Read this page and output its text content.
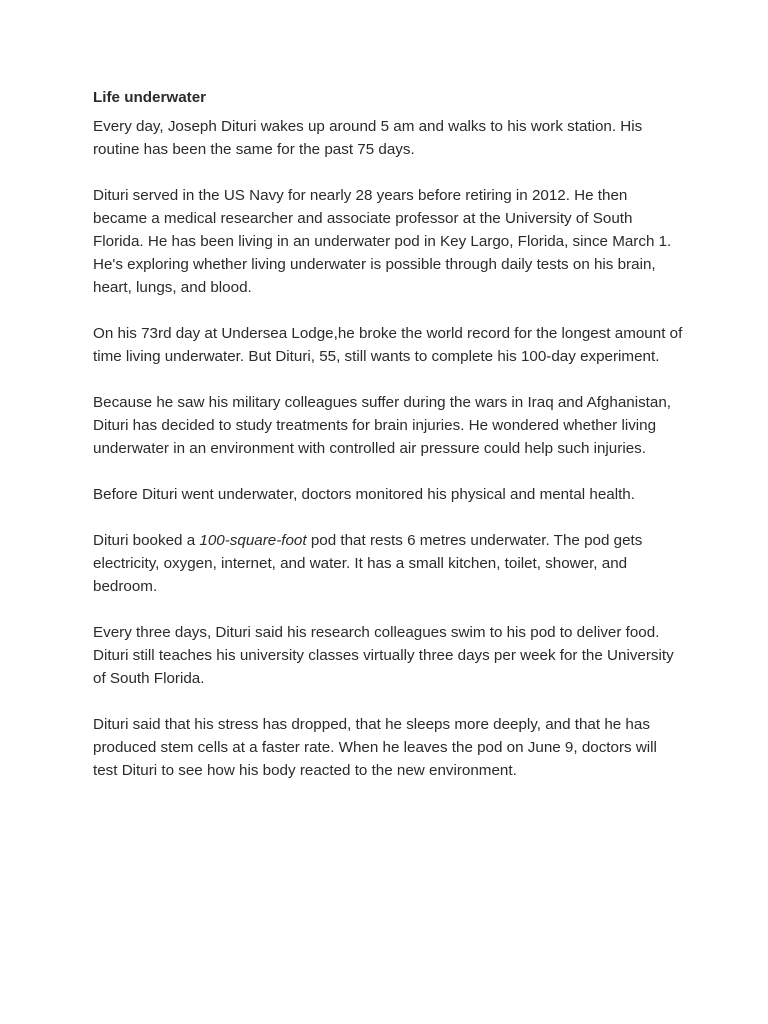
Life underwater

Every day, Joseph Dituri wakes up around 5 am and walks to his work station. His routine has been the same for the past 75 days.

Dituri served in the US Navy for nearly 28 years before retiring in 2012. He then became a medical researcher and associate professor at the University of South Florida. He has been living in an underwater pod in Key Largo, Florida, since March 1. He's exploring whether living underwater is possible through daily tests on his brain, heart, lungs, and blood.

On his 73rd day at Undersea Lodge,he broke the world record for the longest amount of time living underwater. But Dituri, 55, still wants to complete his 100-day experiment.

Because he saw his military colleagues suffer during the wars in Iraq and Afghanistan, Dituri has decided to study treatments for brain injuries. He wondered whether living underwater in an environment with controlled air pressure could help such injuries.

Before Dituri went underwater, doctors monitored his physical and mental health.

Dituri booked a 100-square-foot pod that rests 6 metres underwater. The pod gets electricity, oxygen, internet, and water. It has a small kitchen, toilet, shower, and bedroom.

Every three days, Dituri said his research colleagues swim to his pod to deliver food. Dituri still teaches his university classes virtually three days per week for the University of South Florida.

Dituri said that his stress has dropped, that he sleeps more deeply, and that he has produced stem cells at a faster rate. When he leaves the pod on June 9, doctors will test Dituri to see how his body reacted to the new environment.
